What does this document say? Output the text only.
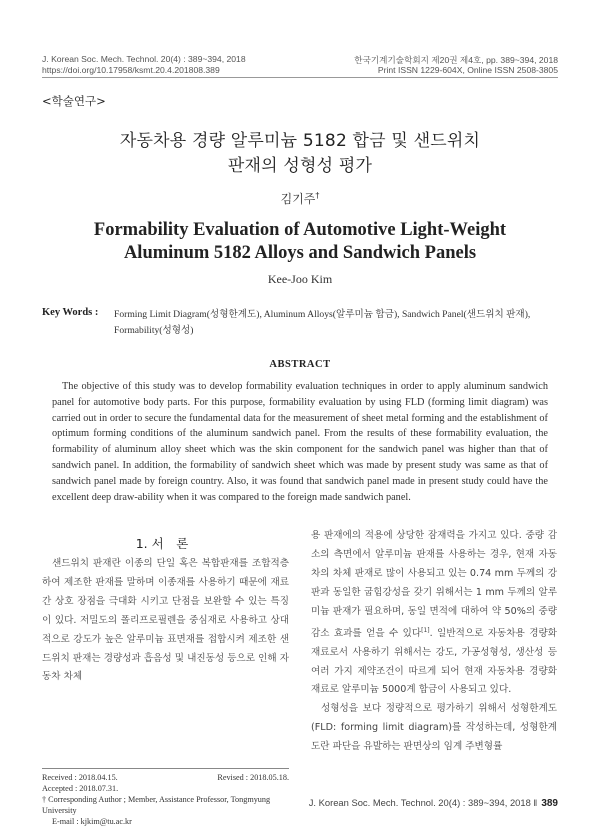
J. Korean Soc. Mech. Technol. 20(4) : 389~394, 2018	한국기계기술학회지 제20권 제4호, pp. 389~394, 2018
https://doi.org/10.17958/ksmt.20.4.201808.389	Print ISSN 1229-604X, Online ISSN 2508-3805
<학술연구>
자동차용 경량 알루미늄 5182 합금 및 샌드위치
판재의 성형성 평가
김기주†
Formability Evaluation of Automotive Light-Weight
Aluminum 5182 Alloys and Sandwich Panels
Kee-Joo Kim
Key Words : Forming Limit Diagram(성형한계도), Aluminum Alloys(알루미늄 합금), Sandwich Panel(샌드위치 판재), Formability(성형성)
ABSTRACT
The objective of this study was to develop formability evaluation techniques in order to apply aluminum sandwich panel for automotive body parts. For this purpose, formability evaluation by using FLD (forming limit diagram) was carried out in order to secure the fundamental data for the measurement of sheet metal forming and the establishment of optimum forming conditions of the aluminum sandwich panel. From the results of these formability evaluation, the formability of aluminum alloy sheet which was the skin component for the sandwich panel was higher than that of sandwich panel. In addition, the formability of sandwich sheet which was made by present study was same as that of sandwich panel made by foreign country. Also, it was found that sandwich panel made in present study could have the excellent deep draw-ability when it was compared to the foreign made sandwich panel.
1. 서　론

샌드위치 판재란 이종의 단일 혹은 복합판재를 조합적층하여 제조한 판재를 말하며 이종재를 사용하기 때문에 재료간 상호 장점을 극대화 시키고 단점을 보완할 수 있는 특징이 있다. 저밀도의 폴리프로필렌을 중심재로 사용하고 상대적으로 강도가 높은 알루미늄 표면재를 접합시켜 제조한 샌드위치 판재는 경량성과 흡음성 및 내진동성 등으로 인해 자동차 차체

용 판재에의 적용에 상당한 잠재력을 가지고 있다. 중량 감소의 측면에서 알루미늄 판재를 사용하는 경우, 현재 자동차의 차체 판재로 많이 사용되고 있는 0.74 mm 두께의 강판과 동일한 굽힘강성을 갖기 위해서는 1 mm 두께의 알루미늄 판재가 필요하며, 동일 면적에 대하여 약 50%의 중량 감소 효과를 얻을 수 있다[1]. 일반적으로 자동차용 경량화 재료로서 사용하기 위해서는 강도, 가공성형성, 생산성 등 여러 가지 제약조건이 따르게 되어 현재 자동차용 경량화 재료로 알루미늄 5000계 합금이 사용되고 있다.

성형성을 보다 정량적으로 평가하기 위해서 성형한계도(FLD: forming limit diagram)를 작성하는데, 성형한계도란 파단을 유발하는 판면상의 임계 주변형률

Received : 2018.04.15.	Revised : 2018.05.18.
Accepted : 2018.07.31.
† Corresponding Author ; Member, Assistance Professor, Tongmyung University
E-mail : kjkim@tu.ac.kr
J. Korean Soc. Mech. Technol. 20(4) : 389~394, 2018 ‖ 389
